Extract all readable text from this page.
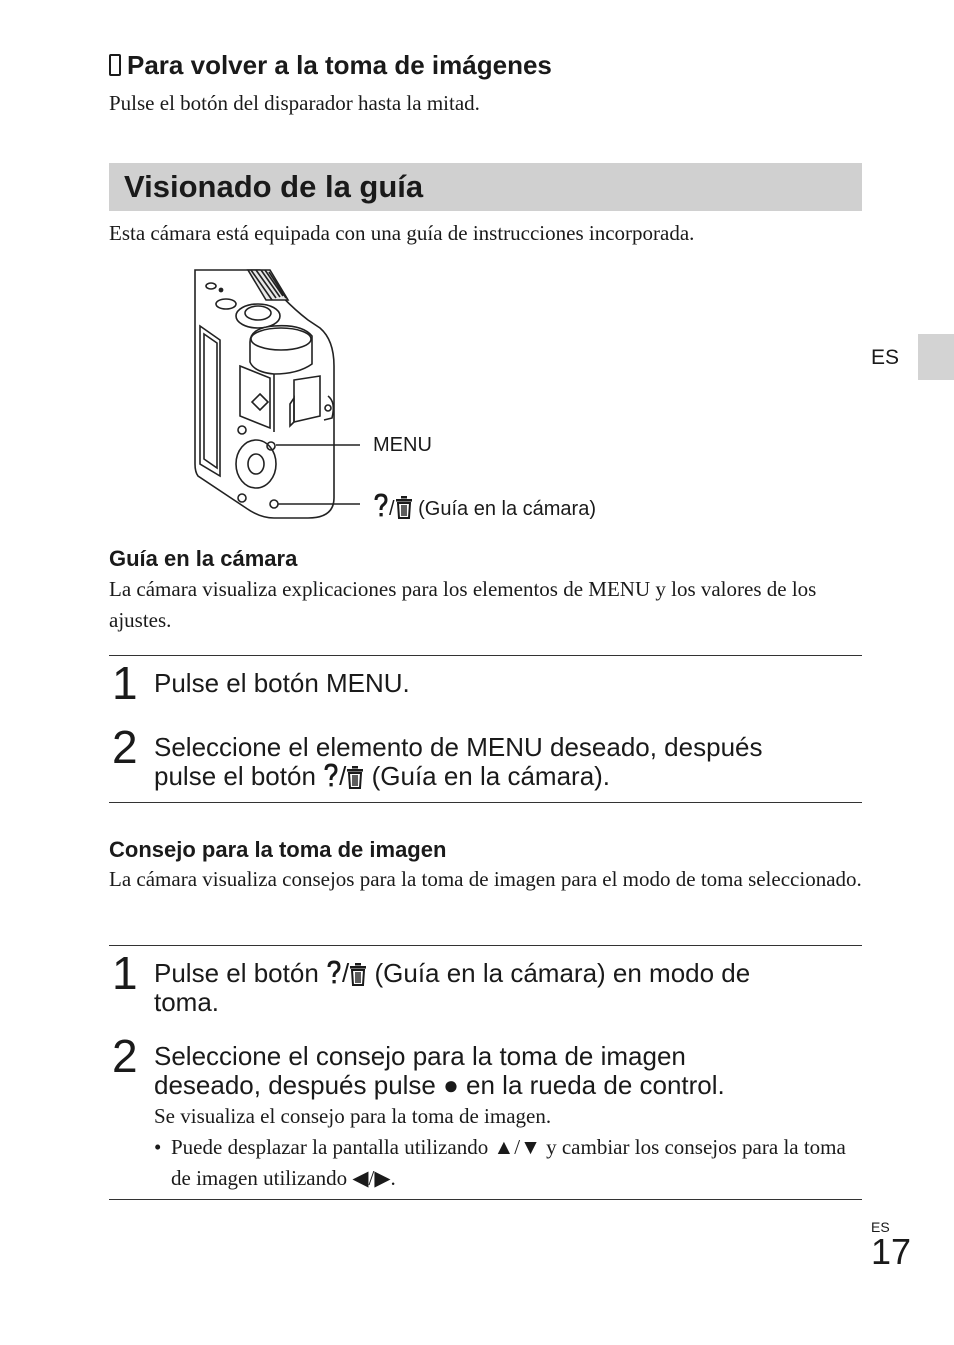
Para volver a la toma de imágenes
Pulse el botón del disparador hasta la mitad.
Visionado de la guía
Esta cámara está equipada con una guía de instrucciones incorporada.
ES
MENU
/ (Guía en la cámara)
Guía en la cámara
La cámara visualiza explicaciones para los elementos de MENU y los valores de los ajustes.
1 Pulse el botón MENU.
2 Seleccione el elemento de MENU deseado, después
pulse el botón / (Guía en la cámara).
Consejo para la toma de imagen
La cámara visualiza consejos para la toma de imagen para el modo de toma seleccionado.
1 Pulse el botón / (Guía en la cámara) en modo de
toma.
2 Seleccione el consejo para la toma de imagen
deseado, después pulse ● en la rueda de control.
Se visualiza el consejo para la toma de imagen.
• Puede desplazar la pantalla utilizando ▲/▼ y cambiar los consejos para la toma de imagen utilizando ◀/▶.
ES
17
